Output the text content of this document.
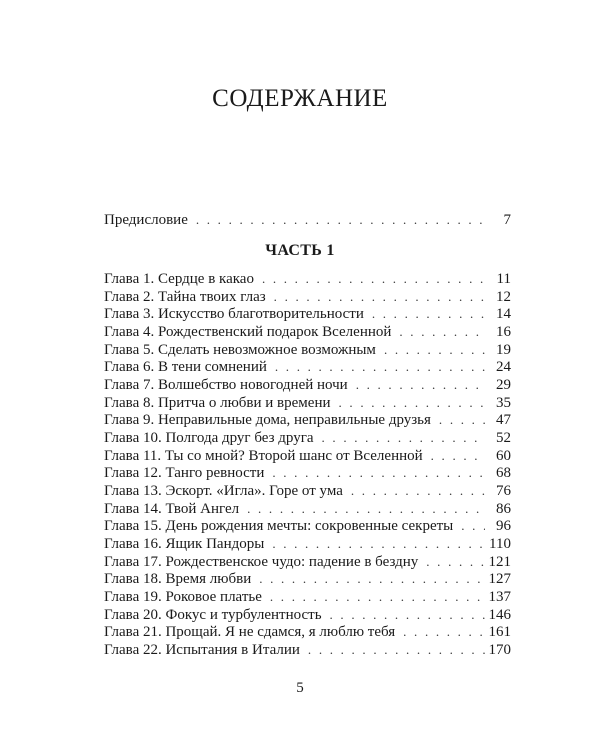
СОДЕРЖАНИЕ
Предисловие . . .	7
ЧАСТЬ 1
Глава 1. Сердце в какао . . .	11
Глава 2. Тайна твоих глаз . . .	12
Глава 3. Искусство благотворительности . . .	14
Глава 4. Рождественский подарок Вселенной . . .	16
Глава 5. Сделать невозможное возможным . . .	19
Глава 6. В тени сомнений . . .	24
Глава 7. Волшебство новогодней ночи . . .	29
Глава 8. Притча о любви и времени . . .	35
Глава 9. Неправильные дома, неправильные друзья . . .	47
Глава 10. Полгода друг без друга . . .	52
Глава 11. Ты со мной? Второй шанс от Вселенной . . .	60
Глава 12. Танго ревности . . .	68
Глава 13. Эскорт. «Игла». Горе от ума . . .	76
Глава 14. Твой Ангел . . .	86
Глава 15. День рождения мечты: сокровенные секреты . . .	96
Глава 16. Ящик Пандоры . . .	110
Глава 17. Рождественское чудо: падение в бездну . . .	121
Глава 18. Время любви . . .	127
Глава 19. Роковое платье . . .	137
Глава 20. Фокус и турбулентность . . .	146
Глава 21. Прощай. Я не сдамся, я люблю тебя . . .	161
Глава 22. Испытания в Италии . . .	170
5
